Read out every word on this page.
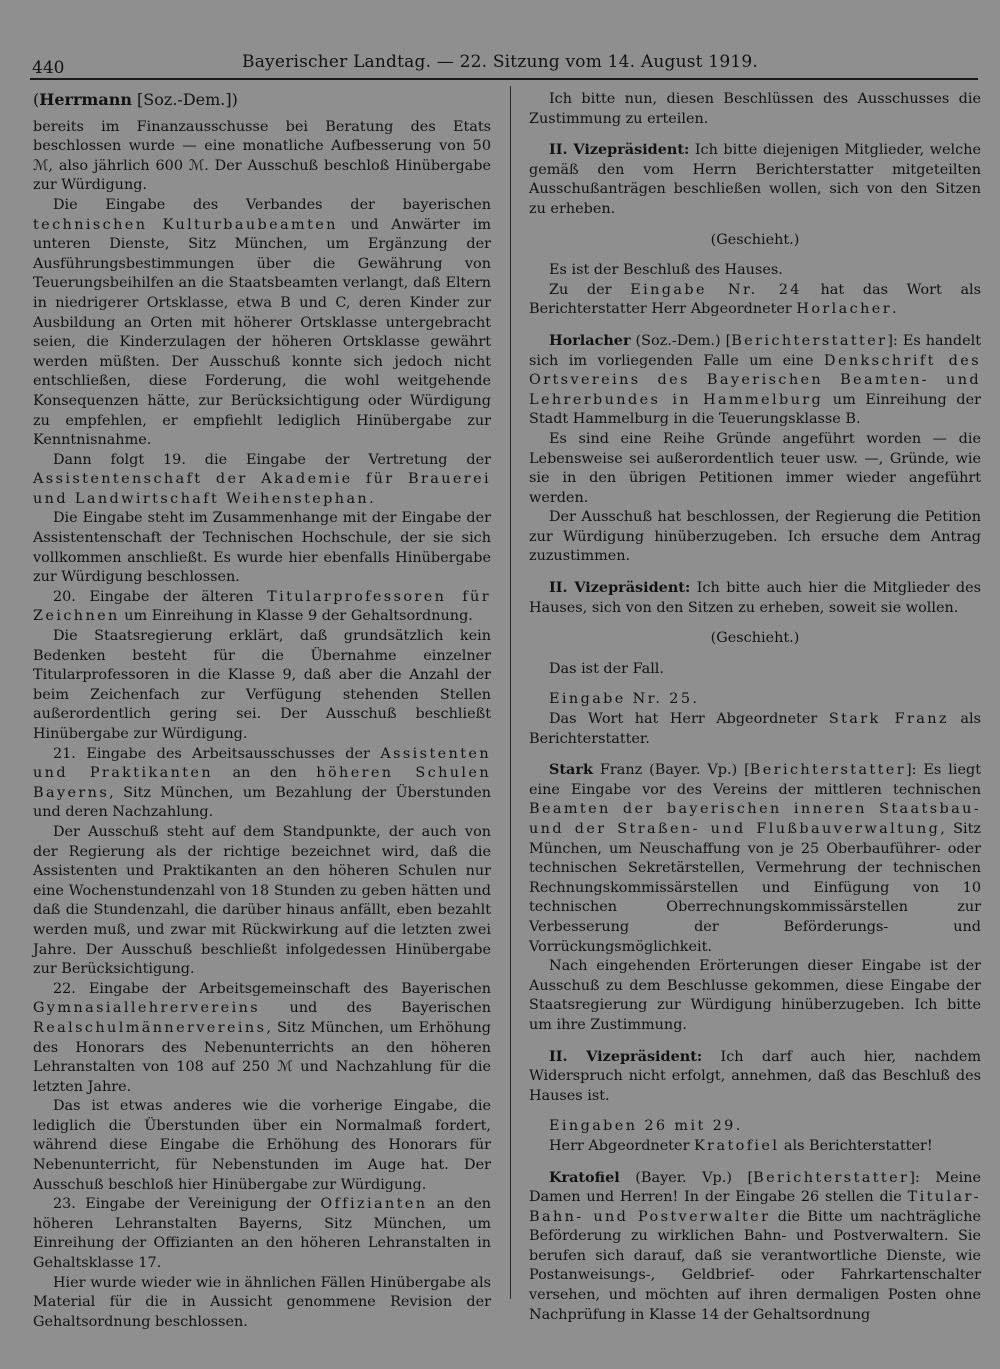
440	Bayerischer Landtag. — 22. Sitzung vom 14. August 1919.

(Herrmann [Soz.-Dem.])

bereits im Finanzausschusse bei Beratung des Etats beschlossen wurde — eine monatliche Aufbesserung von 50 ℳ, also jährlich 600 ℳ. Der Ausschuß beschloß Hinübergabe zur Würdigung.

Die Eingabe des Verbandes der bayerischen technischen Kulturbaubeamten und Anwärter im unteren Dienste, Sitz München, um Ergänzung der Ausführungsbestimmungen über die Gewährung von Teuerungsbeihilfen an die Staatsbeamten verlangt, daß Eltern in niedrigerer Ortsklasse, etwa B und C, deren Kinder zur Ausbildung an Orten mit höherer Ortsklasse untergebracht seien, die Kinderzulagen der höheren Ortsklasse gewährt werden müßten. Der Ausschuß konnte sich jedoch nicht entschließen, diese Forderung, die wohl weitgehende Konsequenzen hätte, zur Berücksichtigung oder Würdigung zu empfehlen, er empfiehlt lediglich Hinübergabe zur Kenntnisnahme.

Dann folgt 19. die Eingabe der Vertretung der Assistentenschaft der Akademie für Brauerei und Landwirtschaft Weihenstephan.

Die Eingabe steht im Zusammenhange mit der Eingabe der Assistentenschaft der Technischen Hochschule, der sie sich vollkommen anschließt. Es wurde hier ebenfalls Hinübergabe zur Würdigung beschlossen.

20. Eingabe der älteren Titularprofessoren für Zeichnen um Einreihung in Klasse 9 der Gehaltsordnung.

Die Staatsregierung erklärt, daß grundsätzlich kein Bedenken besteht für die Übernahme einzelner Titularprofessoren in die Klasse 9, daß aber die Anzahl der beim Zeichenfach zur Verfügung stehenden Stellen außerordentlich gering sei. Der Ausschuß beschließt Hinübergabe zur Würdigung.

21. Eingabe des Arbeitsausschusses der Assistenten und Praktikanten an den höheren Schulen Bayerns, Sitz München, um Bezahlung der Überstunden und deren Nachzahlung.

Der Ausschuß steht auf dem Standpunkte, der auch von der Regierung als der richtige bezeichnet wird, daß die Assistenten und Praktikanten an den höheren Schulen nur eine Wochenstundenzahl von 18 Stunden zu geben hätten und daß die Stundenzahl, die darüber hinaus anfällt, eben bezahlt werden muß, und zwar mit Rückwirkung auf die letzten zwei Jahre. Der Ausschuß beschließt infolgedessen Hinübergabe zur Berücksichtigung.

22. Eingabe der Arbeitsgemeinschaft des Bayerischen Gymnasiallehrervereins und des Bayerischen Realschulmännervereins, Sitz München, um Erhöhung des Honorars des Nebenunterrichts an den höheren Lehranstalten von 108 auf 250 ℳ und Nachzahlung für die letzten Jahre.

Das ist etwas anderes wie die vorherige Eingabe, die lediglich die Überstunden über ein Normalmaß fordert, während diese Eingabe die Erhöhung des Honorars für Nebenunterricht, für Nebenstunden im Auge hat. Der Ausschuß beschloß hier Hinübergabe zur Würdigung.

23. Eingabe der Vereinigung der Offizianten an den höheren Lehranstalten Bayerns, Sitz München, um Einreihung der Offizianten an den höheren Lehranstalten in Gehaltsklasse 17.

Hier wurde wieder wie in ähnlichen Fällen Hinübergabe als Material für die in Aussicht genommene Revision der Gehaltsordnung beschlossen.

Ich bitte nun, diesen Beschlüssen des Ausschusses die Zustimmung zu erteilen.

II. Vizepräsident: Ich bitte diejenigen Mitglieder, welche gemäß den vom Herrn Berichterstatter mitgeteilten Ausschußanträgen beschließen wollen, sich von den Sitzen zu erheben.

(Geschieht.)

Es ist der Beschluß des Hauses.

Zu der Eingabe Nr. 24 hat das Wort als Berichterstatter Herr Abgeordneter Horlacher.

Horlacher (Soz.-Dem.) [Berichterstatter]: Es handelt sich im vorliegenden Falle um eine Denkschrift des Ortsvereins des Bayerischen Beamten- und Lehrerbundes in Hammelburg um Einreihung der Stadt Hammelburg in die Teuerungsklasse B.

Es sind eine Reihe Gründe angeführt worden — die Lebensweise sei außerordentlich teuer usw. —, Gründe, wie sie in den übrigen Petitionen immer wieder angeführt werden.

Der Ausschuß hat beschlossen, der Regierung die Petition zur Würdigung hinüberzugeben. Ich ersuche dem Antrag zuzustimmen.

II. Vizepräsident: Ich bitte auch hier die Mitglieder des Hauses, sich von den Sitzen zu erheben, soweit sie wollen.

(Geschieht.)

Das ist der Fall.

Eingabe Nr. 25.

Das Wort hat Herr Abgeordneter Stark Franz als Berichterstatter.

Stark Franz (Bayer. Vp.) [Berichterstatter]: Es liegt eine Eingabe vor des Vereins der mittleren technischen Beamten der bayerischen inneren Staatsbau- und der Straßen- und Flußbauverwaltung, Sitz München, um Neuschaffung von je 25 Oberbauführer- oder technischen Sekretärstellen, Vermehrung der technischen Rechnungskommissärstellen und Einfügung von 10 technischen Oberrechnungskommissärstellen zur Verbesserung der Beförderungs- und Vorrückungsmöglichkeit.

Nach eingehenden Erörterungen dieser Eingabe ist der Ausschuß zu dem Beschlusse gekommen, diese Eingabe der Staatsregierung zur Würdigung hinüberzugeben. Ich bitte um ihre Zustimmung.

II. Vizepräsident: Ich darf auch hier, nachdem Widerspruch nicht erfolgt, annehmen, daß das Beschluß des Hauses ist.

Eingaben 26 mit 29.

Herr Abgeordneter Kratofiel als Berichterstatter!

Kratofiel (Bayer. Vp.) [Berichterstatter]: Meine Damen und Herren! In der Eingabe 26 stellen die Titular-Bahn- und Postverwalter die Bitte um nachträgliche Beförderung zu wirklichen Bahn- und Postverwaltern. Sie berufen sich darauf, daß sie verantwortliche Dienste, wie Postanweisungs-, Geldbrief- oder Fahrkartenschalter versehen, und möchten auf ihren dermaligen Posten ohne Nachprüfung in Klasse 14 der Gehaltsordnung
